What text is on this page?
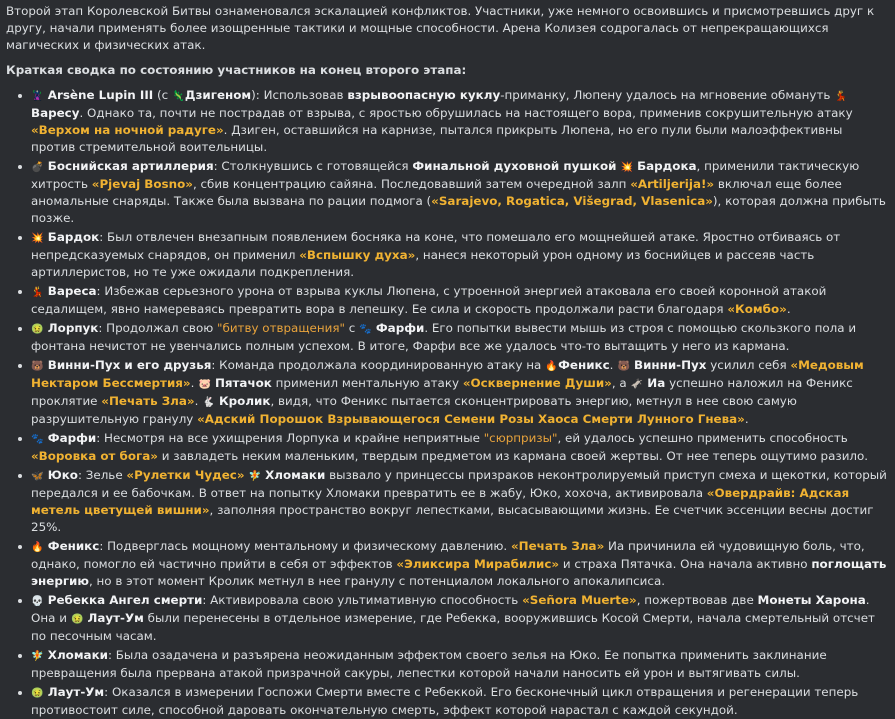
Второй этап Королевской Битвы ознаменовался эскалацией конфликтов. Участники, уже немного освоившись и присмотревшись друг к другу, начали применять более изощренные тактики и мощные способности. Арена Колизея содрогалась от непрекращающихся магических и физических атак.

Краткая сводка по состоянию участников на конец второго этапа:

🦹 Arsène Lupin III (с 🦎Дзигеном): Использовав взрывоопасную куклу-приманку, Люпену удалось на мгновение обмануть 💃 Варесу. Однако та, почти не пострадав от взрыва, с яростью обрушилась на настоящего вора, применив сокрушительную атаку «Верхом на ночной радуге». Дзиген, оставшийся на карнизе, пытался прикрыть Люпена, но его пули были малоэффективны против стремительной воительницы.
💣 Боснийская артиллерия: Столкнувшись с готовящейся Финальной духовной пушкой 💥 Бардока, применили тактическую хитрость «Pjevaj Bosno», сбив концентрацию сайяна. Последовавший затем очередной залп «Artiljerija!» включал еще более аномальные снаряды. Также была вызвана по рации подмога («Sarajevo, Rogatica, Višegrad, Vlasenica»), которая должна прибыть позже.
💥 Бардок: Был отвлечен внезапным появлением босняка на коне, что помешало его мощнейшей атаке. Яростно отбиваясь от непредсказуемых снарядов, он применил «Вспышку духа», нанеся некоторый урон одному из боснийцев и рассеяв часть артиллеристов, но те уже ожидали подкрепления.
💃 Вареса: Избежав серьезного урона от взрыва куклы Люпена, с утроенной энергией атаковала его своей коронной атакой седалищем, явно намереваясь превратить вора в лепешку. Ее сила и скорость продолжали расти благодаря «Комбо».
🤢 Лорпук: Продолжал свою "битву отвращения" с 🐾 Фарфи. Его попытки вывести мышь из строя с помощью скользкого пола и фонтана нечистот не увенчались полным успехом. В итоге, Фарфи все же удалось что-то вытащить у него из кармана.
🐻 Винни-Пух и его друзья: Команда продолжала координированную атаку на 🔥Феникс. 🐻 Винни-Пух усилил себя «Медовым Нектаром Бессмертия». 🐷 Пятачок применил ментальную атаку «Осквернение Души», а 🫏 Иа успешно наложил на Феникс проклятие «Печать Зла». 🐇 Кролик, видя, что Феникс пытается сконцентрировать энергию, метнул в нее свою самую разрушительную гранулу «Адский Порошок Взрывающегося Семени Розы Хаоса Смерти Лунного Гнева».
🐾 Фарфи: Несмотря на все ухищрения Лорпука и крайне неприятные "сюрпризы", ей удалось успешно применить способность «Воровка от бога» и завладеть неким маленьким, твердым предметом из кармана своей жертвы. От нее теперь ощутимо разило.
🦋 Юко: Зелье «Рулетки Чудес» 🧚 Хломаки вызвало у принцессы призраков неконтролируемый приступ смеха и щекотки, который передался и ее бабочкам. В ответ на попытку Хломаки превратить ее в жабу, Юко, хохоча, активировала «Овердрайв: Адская метель цветущей вишни», заполняя пространство вокруг лепестками, высасывающими жизнь. Ее счетчик эссенции весны достиг 25%.
🔥 Феникс: Подверглась мощному ментальному и физическому давлению. «Печать Зла» Иа причинила ей чудовищную боль, что, однако, помогло ей частично прийти в себя от эффектов «Эликсира Мирабилис» и страха Пятачка. Она начала активно поглощать энергию, но в этот момент Кролик метнул в нее гранулу с потенциалом локального апокалипсиса.
💀 Ребекка Ангел смерти: Активировала свою ультимативную способность «Señora Muerte», пожертвовав две Монеты Харона. Она и 🤢 Лаут-Ум были перенесены в отдельное измерение, где Ребекка, вооружившись Косой Смерти, начала смертельный отсчет по песочным часам.
🧚 Хломаки: Была озадачена и разъярена неожиданным эффектом своего зелья на Юко. Ее попытка применить заклинание превращения была прервана атакой призрачной сакуры, лепестки которой начали наносить ей урон и вытягивать силы.
🤢 Лаут-Ум: Оказался в измерении Госпожи Смерти вместе с Ребеккой. Его бесконечный цикл отвращения и регенерации теперь противостоит силе, способной даровать окончательную смерть, эффект которой нарастал с каждой секундой.
